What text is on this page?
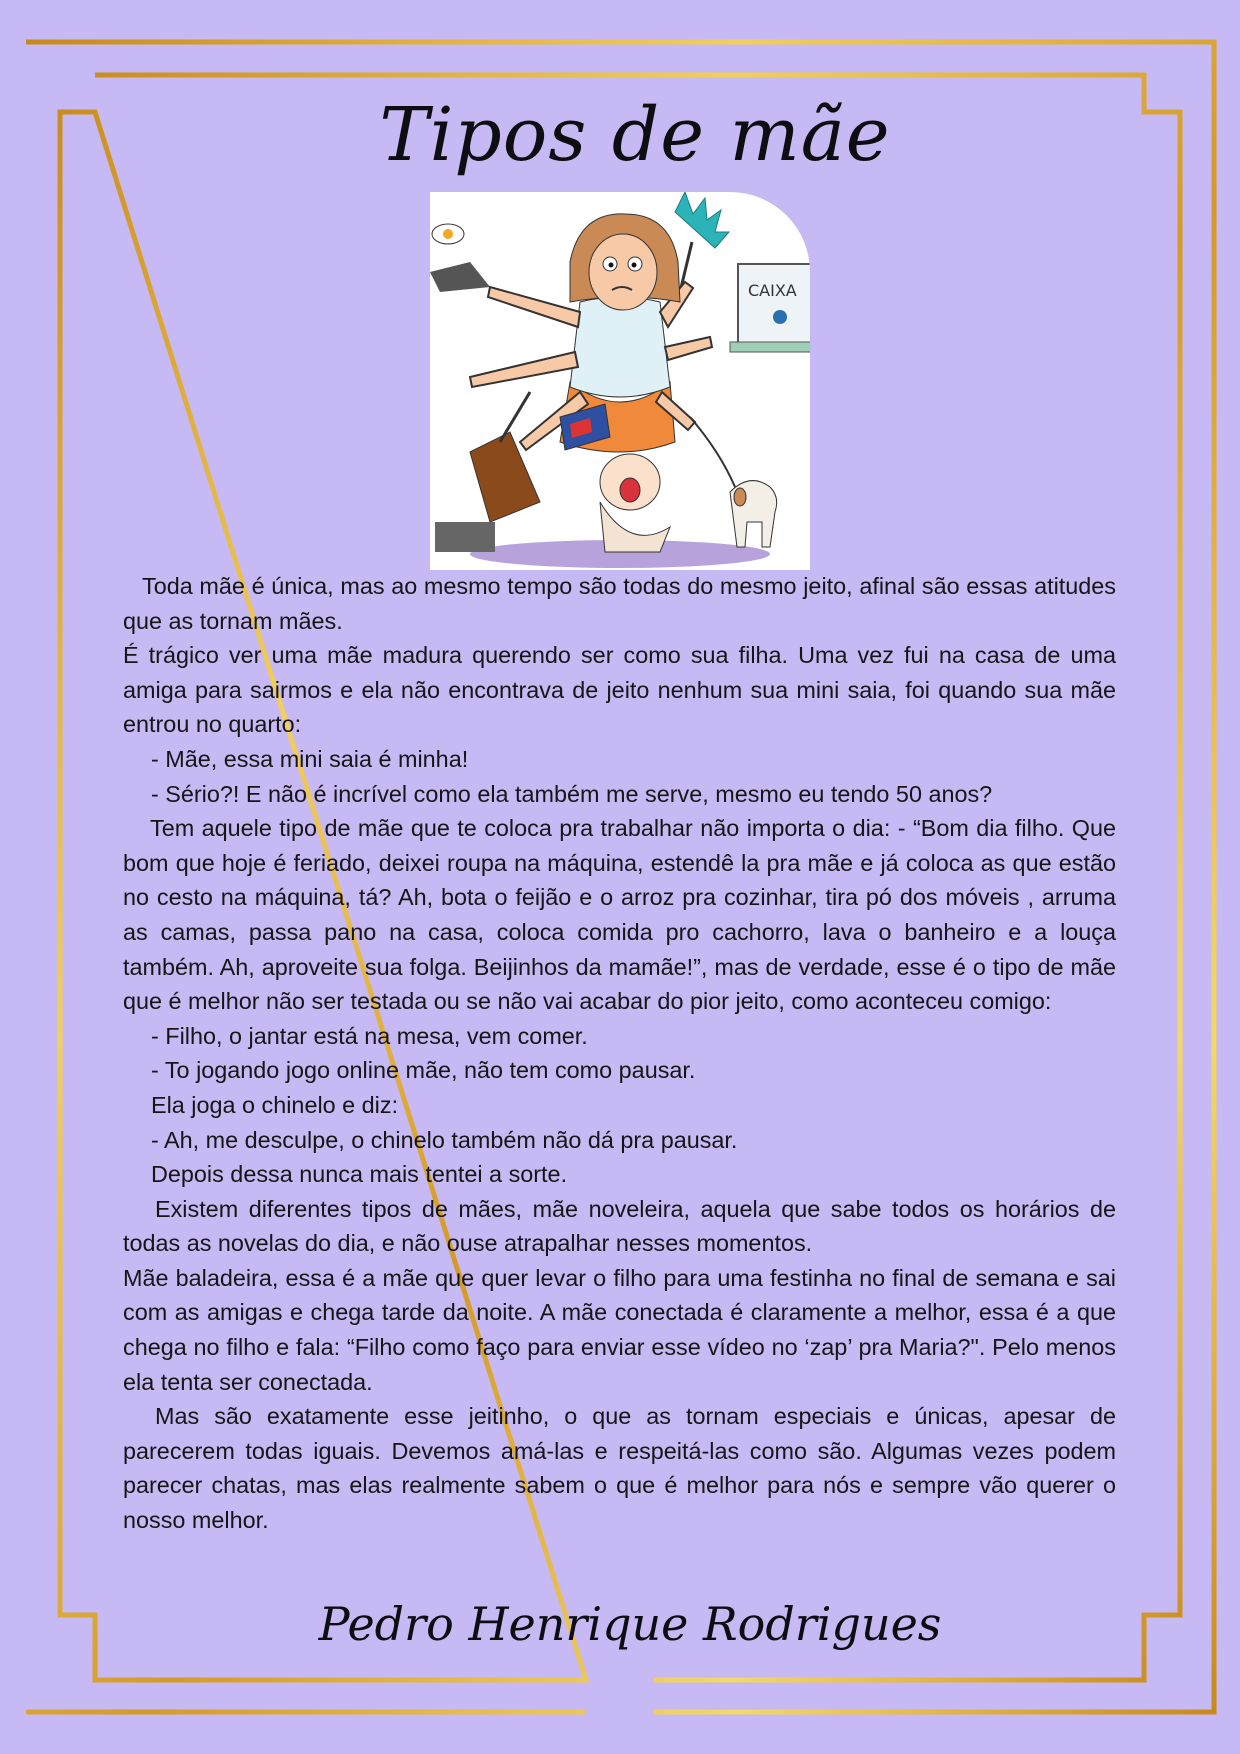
Tipos de mãe
CAIXA

Toda mãe é única, mas ao mesmo tempo são todas do mesmo jeito, afinal são essas atitudes que as tornam mães.

É trágico ver uma mãe madura querendo ser como sua filha. Uma vez fui na casa de uma amiga para sairmos e ela não encontrava de jeito nenhum sua mini saia, foi quando sua mãe entrou no quarto:

- Mãe, essa mini saia é minha!

- Sério?! E não é incrível como ela também me serve, mesmo eu tendo 50 anos?

Tem aquele tipo de mãe que te coloca pra trabalhar não importa o dia: - “Bom dia filho. Que bom que hoje é feriado, deixei roupa na máquina, estendê la pra mãe e já coloca as que estão no cesto na máquina, tá? Ah, bota o feijão e o arroz pra cozinhar, tira pó dos móveis , arruma as camas, passa pano na casa, coloca comida pro cachorro, lava o banheiro e a louça também. Ah, aproveite sua folga. Beijinhos da mamãe!”, mas de verdade, esse é o tipo de mãe que é melhor não ser testada ou se não vai acabar do pior jeito, como aconteceu comigo:

- Filho, o jantar está na mesa, vem comer.

- To jogando jogo online mãe, não tem como pausar.

Ela joga o chinelo e diz:

- Ah, me desculpe, o chinelo também não dá pra pausar.

Depois dessa nunca mais tentei a sorte.

Existem diferentes tipos de mães, mãe noveleira, aquela que sabe todos os horários de todas as novelas do dia, e não ouse atrapalhar nesses momentos.

Mãe baladeira, essa é a mãe que quer levar o filho para uma festinha no final de semana e sai com as amigas e chega tarde da noite. A mãe conectada é claramente a melhor, essa é a que chega no filho e fala: “Filho como faço para enviar esse vídeo no ‘zap’ pra Maria?". Pelo menos ela tenta ser conectada.

Mas são exatamente esse jeitinho, o que as tornam especiais e únicas, apesar de parecerem todas iguais. Devemos amá-las e respeitá-las como são. Algumas vezes podem parecer chatas, mas elas realmente sabem o que é melhor para nós e sempre vão querer o nosso melhor.

Pedro Henrique Rodrigues
